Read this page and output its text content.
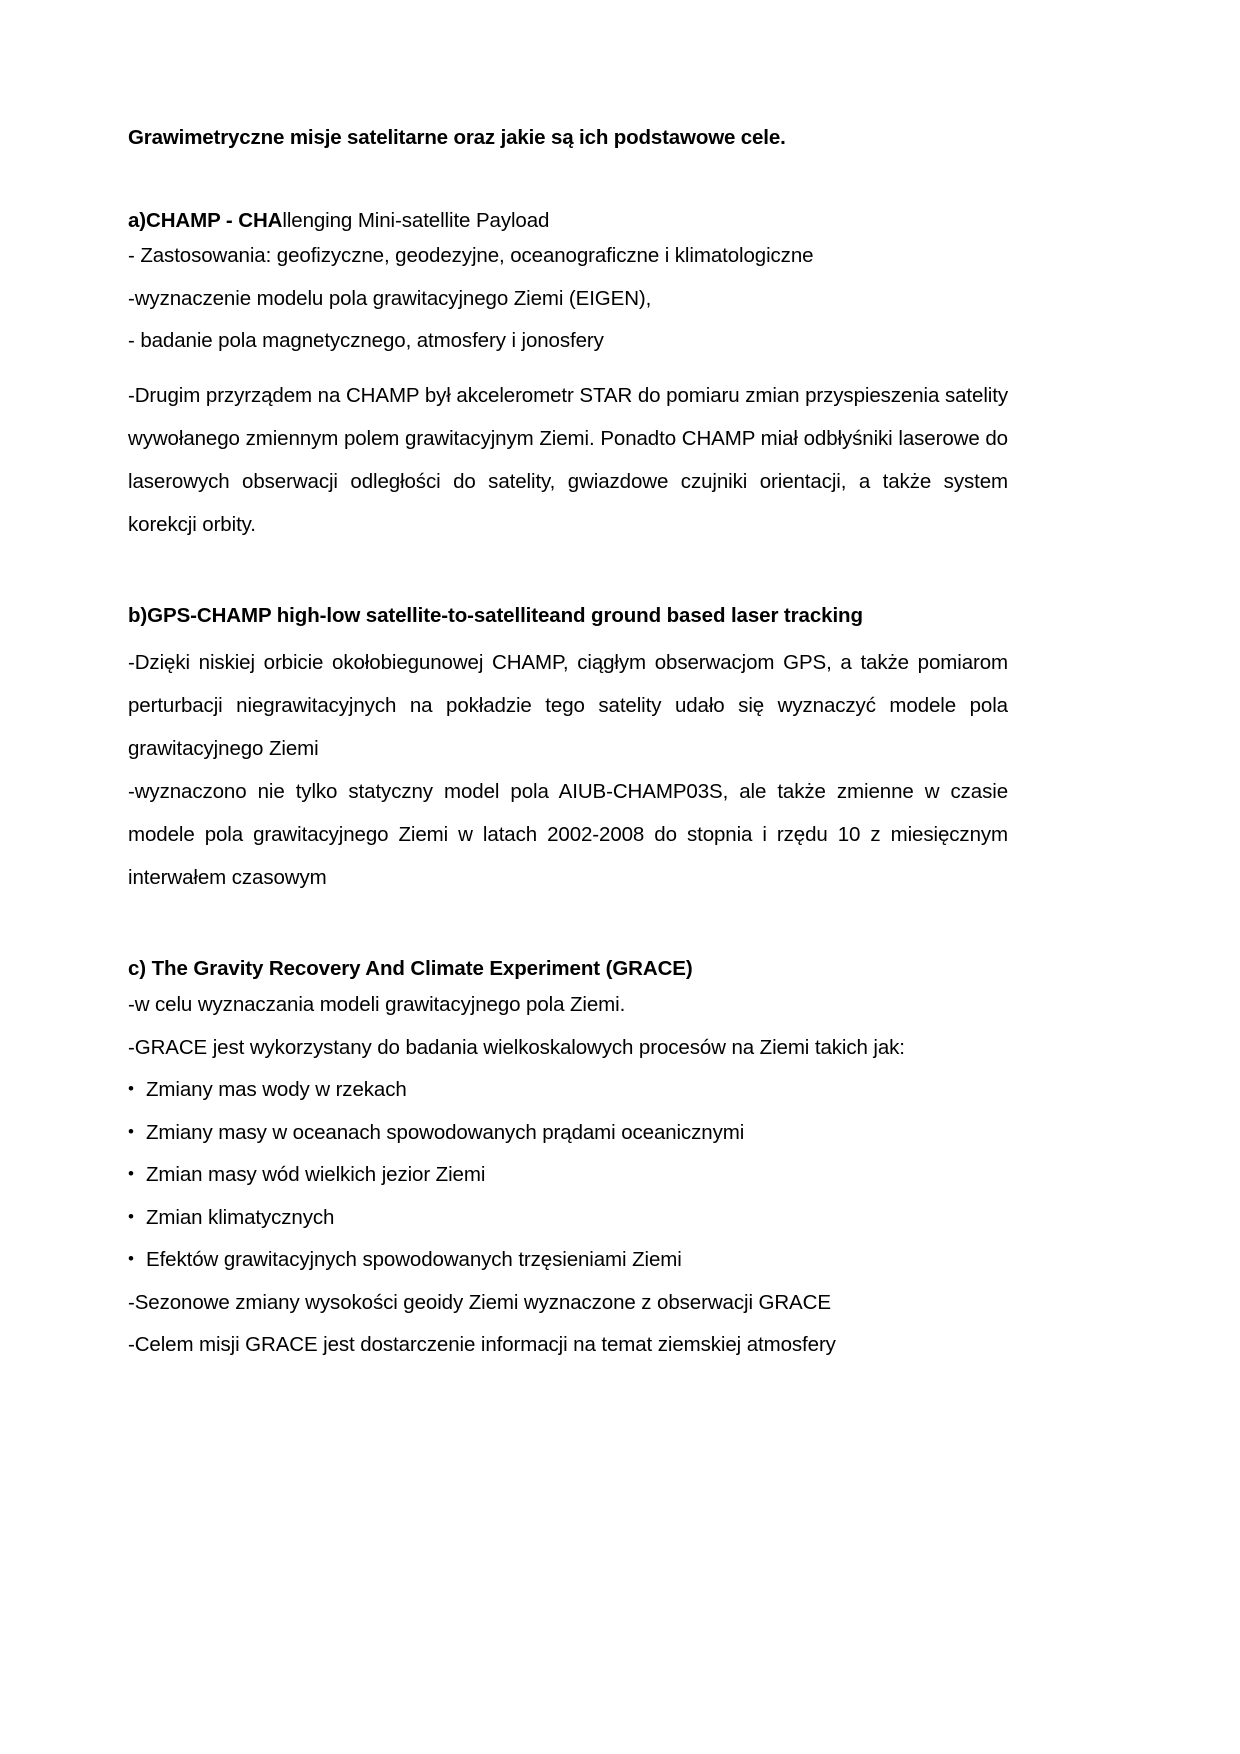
Grawimetryczne misje satelitarne oraz jakie są ich podstawowe cele.

a)CHAMP - CHAllenging Mini-satellite Payload

- Zastosowania: geofizyczne, geodezyjne, oceanograficzne i klimatologiczne

-wyznaczenie modelu pola grawitacyjnego Ziemi (EIGEN),

- badanie pola magnetycznego, atmosfery i jonosfery

-Drugim przyrządem na CHAMP był akcelerometr STAR do pomiaru zmian przyspieszenia satelity wywołanego zmiennym polem grawitacyjnym Ziemi. Ponadto CHAMP miał odbłyśniki laserowe do laserowych obserwacji odległości do satelity, gwiazdowe czujniki orientacji, a także system korekcji orbity.

b)GPS-CHAMP high-low satellite-to-satelliteand ground based laser tracking

-Dzięki niskiej orbicie okołobiegunowej CHAMP, ciągłym obserwacjom GPS, a także pomiarom perturbacji niegrawitacyjnych na pokładzie tego satelity udało się wyznaczyć modele pola grawitacyjnego Ziemi

-wyznaczono nie tylko statyczny model pola AIUB-CHAMP03S, ale także zmienne w czasie modele pola grawitacyjnego Ziemi w latach 2002-2008 do stopnia i rzędu 10 z miesięcznym interwałem czasowym

c) The Gravity Recovery And Climate Experiment (GRACE)

-w celu wyznaczania modeli grawitacyjnego pola Ziemi.

-GRACE jest wykorzystany do badania wielkoskalowych procesów na Ziemi takich jak:

• Zmiany mas wody w rzekach
• Zmiany masy w oceanach spowodowanych prądami oceanicznymi
• Zmian masy wód wielkich jezior Ziemi
• Zmian klimatycznych
• Efektów grawitacyjnych spowodowanych trzęsieniami Ziemi

-Sezonowe zmiany wysokości geoidy Ziemi wyznaczone z obserwacji GRACE

-Celem misji GRACE jest dostarczenie informacji na temat ziemskiej atmosfery
